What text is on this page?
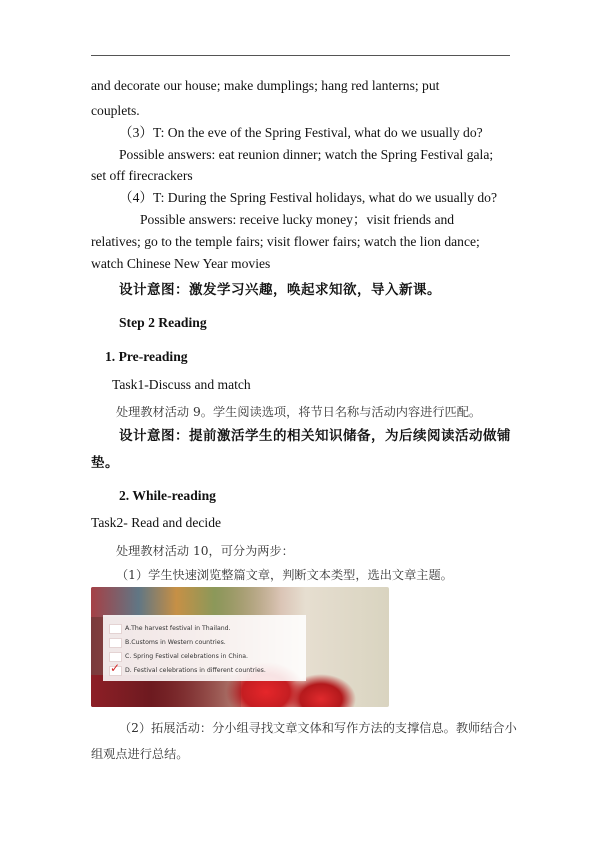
and decorate our house; make dumplings; hang red lanterns; put
couplets.
（3）T: On the eve of the Spring Festival, what do we usually do?
Possible answers: eat reunion dinner; watch the Spring Festival gala;
set off firecrackers
（4）T: During the Spring Festival holidays, what do we usually do?
Possible answers: receive lucky money；visit friends and
relatives; go to the temple fairs; visit flower fairs; watch the lion dance;
watch Chinese New Year movies
设计意图：激发学习兴趣，唤起求知欲，导入新课。
Step 2 Reading
1. Pre-reading
Task1-Discuss and match
处理教材活动 9。学生阅读选项，将节日名称与活动内容进行匹配。
设计意图：提前激活学生的相关知识储备，为后续阅读活动做铺
垫。
2. While-reading
Task2- Read and decide
处理教材活动 10，可分为两步：
（1）学生快速浏览整篇文章，判断文本类型，选出文章主题。
A.The harvest festival in Thailand.
B.Customs in Western countries.
C. Spring Festival celebrations in China.
✓ D. Festival celebrations in different countries.
（2）拓展活动：分小组寻找文章文体和写作方法的支撑信息。教师结合小
组观点进行总结。
